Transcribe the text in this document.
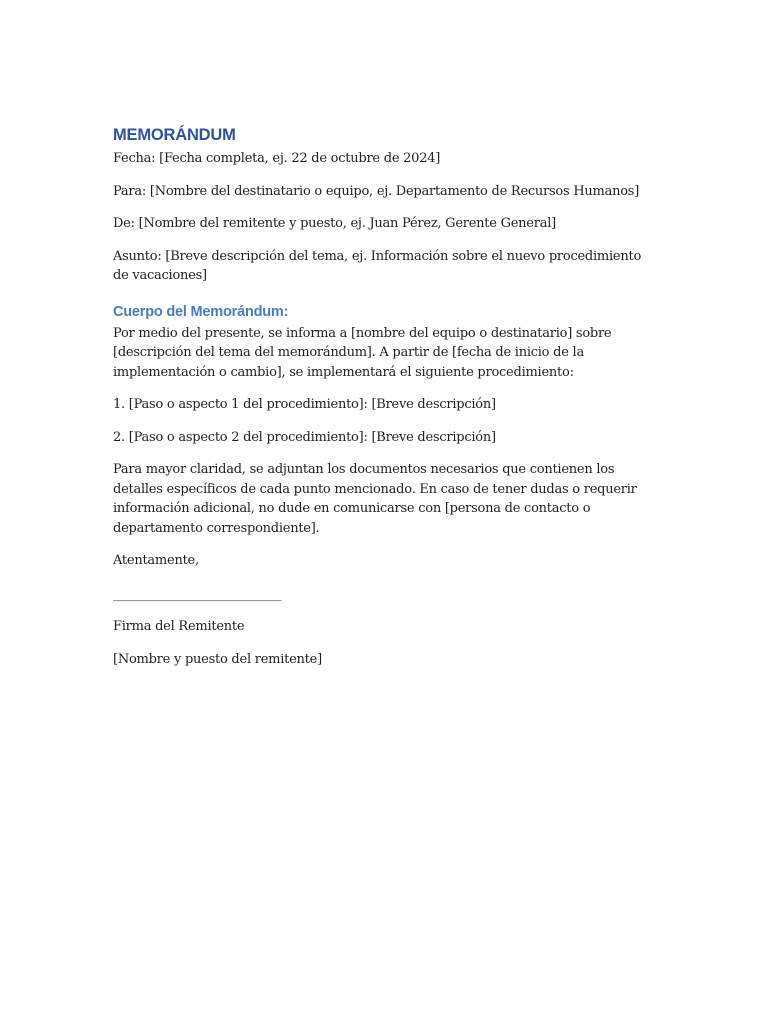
MEMORÁNDUM

Fecha: [Fecha completa, ej. 22 de octubre de 2024]

Para: [Nombre del destinatario o equipo, ej. Departamento de Recursos Humanos]

De: [Nombre del remitente y puesto, ej. Juan Pérez, Gerente General]

Asunto: [Breve descripción del tema, ej. Información sobre el nuevo procedimiento de vacaciones]

Cuerpo del Memorándum:

Por medio del presente, se informa a [nombre del equipo o destinatario] sobre [descripción del tema del memorándum]. A partir de [fecha de inicio de la implementación o cambio], se implementará el siguiente procedimiento:

1. [Paso o aspecto 1 del procedimiento]: [Breve descripción]

2. [Paso o aspecto 2 del procedimiento]: [Breve descripción]

Para mayor claridad, se adjuntan los documentos necesarios que contienen los detalles específicos de cada punto mencionado. En caso de tener dudas o requerir información adicional, no dude en comunicarse con [persona de contacto o departamento correspondiente].

Atentamente,

____________________________

Firma del Remitente

[Nombre y puesto del remitente]
